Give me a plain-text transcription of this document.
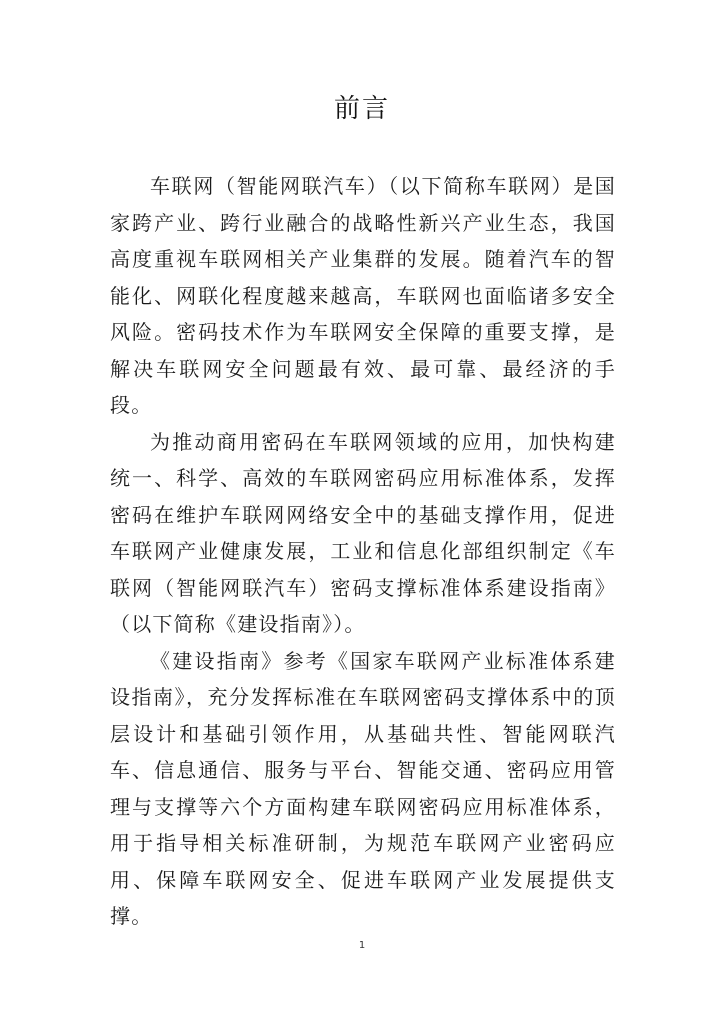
前言

车联网（智能网联汽车）（以下简称车联网）是国家跨产业、跨行业融合的战略性新兴产业生态，我国高度重视车联网相关产业集群的发展。随着汽车的智能化、网联化程度越来越高，车联网也面临诸多安全风险。密码技术作为车联网安全保障的重要支撑，是解决车联网安全问题最有效、最可靠、最经济的手段。

为推动商用密码在车联网领域的应用，加快构建统一、科学、高效的车联网密码应用标准体系，发挥密码在维护车联网网络安全中的基础支撑作用，促进车联网产业健康发展，工业和信息化部组织制定《车联网（智能网联汽车）密码支撑标准体系建设指南》（以下简称《建设指南》）。

《建设指南》参考《国家车联网产业标准体系建设指南》，充分发挥标准在车联网密码支撑体系中的顶层设计和基础引领作用，从基础共性、智能网联汽车、信息通信、服务与平台、智能交通、密码应用管理与支撑等六个方面构建车联网密码应用标准体系，用于指导相关标准研制，为规范车联网产业密码应用、保障车联网安全、促进车联网产业发展提供支撑。

1
